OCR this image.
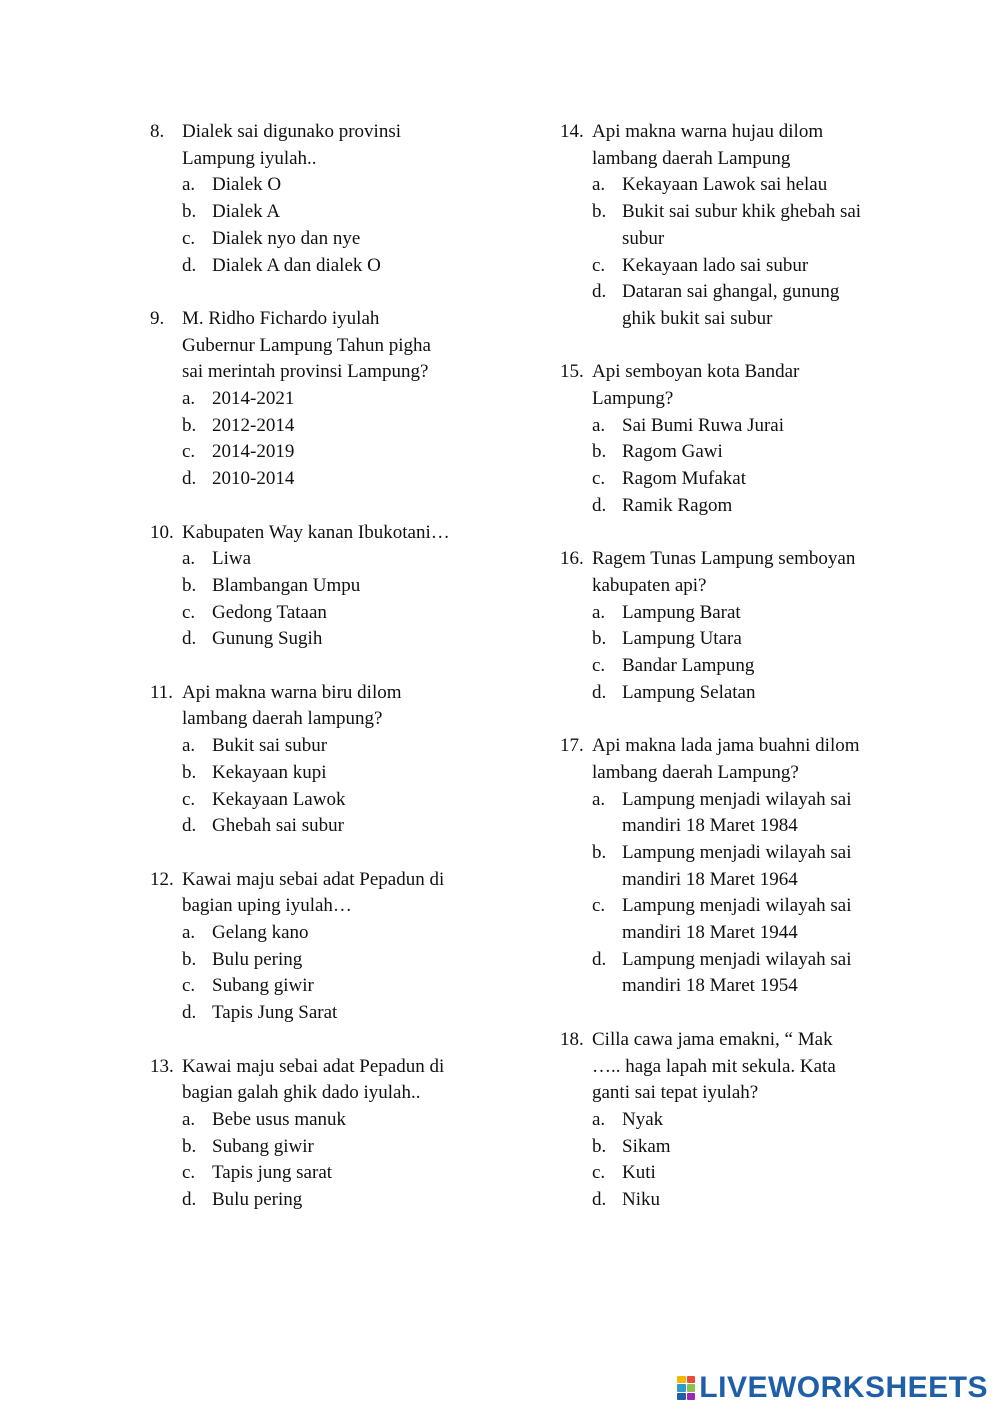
8. Dialek sai digunako provinsi
Lampung iyulah..
a. Dialek O
b. Dialek A
c. Dialek nyo dan nye
d. Dialek A dan dialek O
9. M. Ridho Fichardo iyulah
Gubernur Lampung Tahun pigha
sai merintah provinsi Lampung?
a. 2014-2021
b. 2012-2014
c. 2014-2019
d. 2010-2014
10. Kabupaten Way kanan Ibukotani…
a. Liwa
b. Blambangan Umpu
c. Gedong Tataan
d. Gunung Sugih
11. Api makna warna biru dilom
lambang daerah lampung?
a. Bukit sai subur
b. Kekayaan kupi
c. Kekayaan Lawok
d. Ghebah sai subur
12. Kawai maju sebai adat Pepadun di
bagian uping iyulah…
a. Gelang kano
b. Bulu pering
c. Subang giwir
d. Tapis Jung Sarat
13. Kawai maju sebai adat Pepadun di
bagian galah ghik dado iyulah..
a. Bebe usus manuk
b. Subang giwir
c. Tapis jung sarat
d. Bulu pering
14. Api makna warna hujau dilom
lambang daerah Lampung
a. Kekayaan Lawok sai helau
b. Bukit sai subur khik ghebah sai
subur
c. Kekayaan lado sai subur
d. Dataran sai ghangal, gunung
ghik bukit sai subur
15. Api semboyan kota Bandar
Lampung?
a. Sai Bumi Ruwa Jurai
b. Ragom Gawi
c. Ragom Mufakat
d. Ramik Ragom
16. Ragem Tunas Lampung semboyan
kabupaten api?
a. Lampung Barat
b. Lampung Utara
c. Bandar Lampung
d. Lampung Selatan
17. Api makna lada jama buahni dilom
lambang daerah Lampung?
a. Lampung menjadi wilayah sai
mandiri 18 Maret 1984
b. Lampung menjadi wilayah sai
mandiri 18 Maret 1964
c. Lampung menjadi wilayah sai
mandiri 18 Maret 1944
d. Lampung menjadi wilayah sai
mandiri 18 Maret 1954
18. Cilla cawa jama emakni, “ Mak
….. haga lapah mit sekula. Kata
ganti sai tepat iyulah?
a. Nyak
b. Sikam
c. Kuti
d. Niku
LIVEWORKSHEETS
